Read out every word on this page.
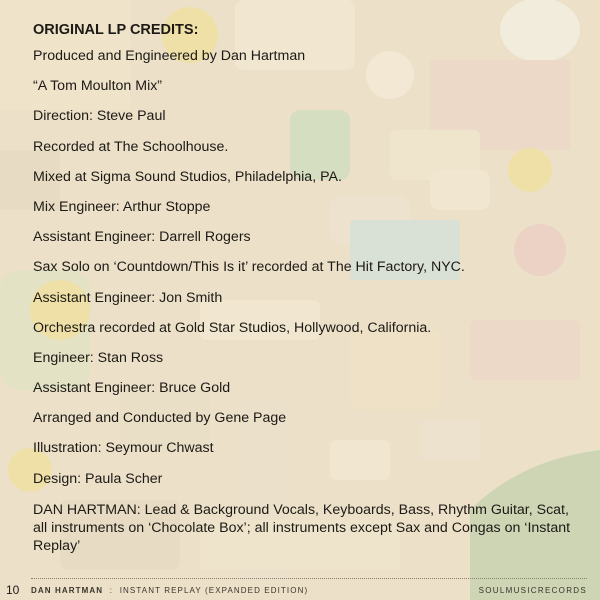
ORIGINAL LP CREDITS:
Produced and Engineered by Dan Hartman
“A Tom Moulton Mix”
Direction: Steve Paul
Recorded at The Schoolhouse.
Mixed at Sigma Sound Studios, Philadelphia, PA.
Mix Engineer: Arthur Stoppe
Assistant Engineer: Darrell Rogers
Sax Solo on ‘Countdown/This Is it’ recorded at The Hit Factory, NYC.
Assistant Engineer: Jon Smith
Orchestra recorded at Gold Star Studios, Hollywood, California.
Engineer: Stan Ross
Assistant Engineer: Bruce Gold
Arranged and Conducted by Gene Page
Illustration: Seymour Chwast
Design: Paula Scher
DAN HARTMAN: Lead & Background Vocals, Keyboards, Bass, Rhythm Guitar, Scat, all instruments on ‘Chocolate Box’; all instruments except Sax and Congas on ‘Instant Replay’
10 DAN HARTMAN : INSTANT REPLAY (EXPANDED EDITION)	SOULMUSICRECORDS
